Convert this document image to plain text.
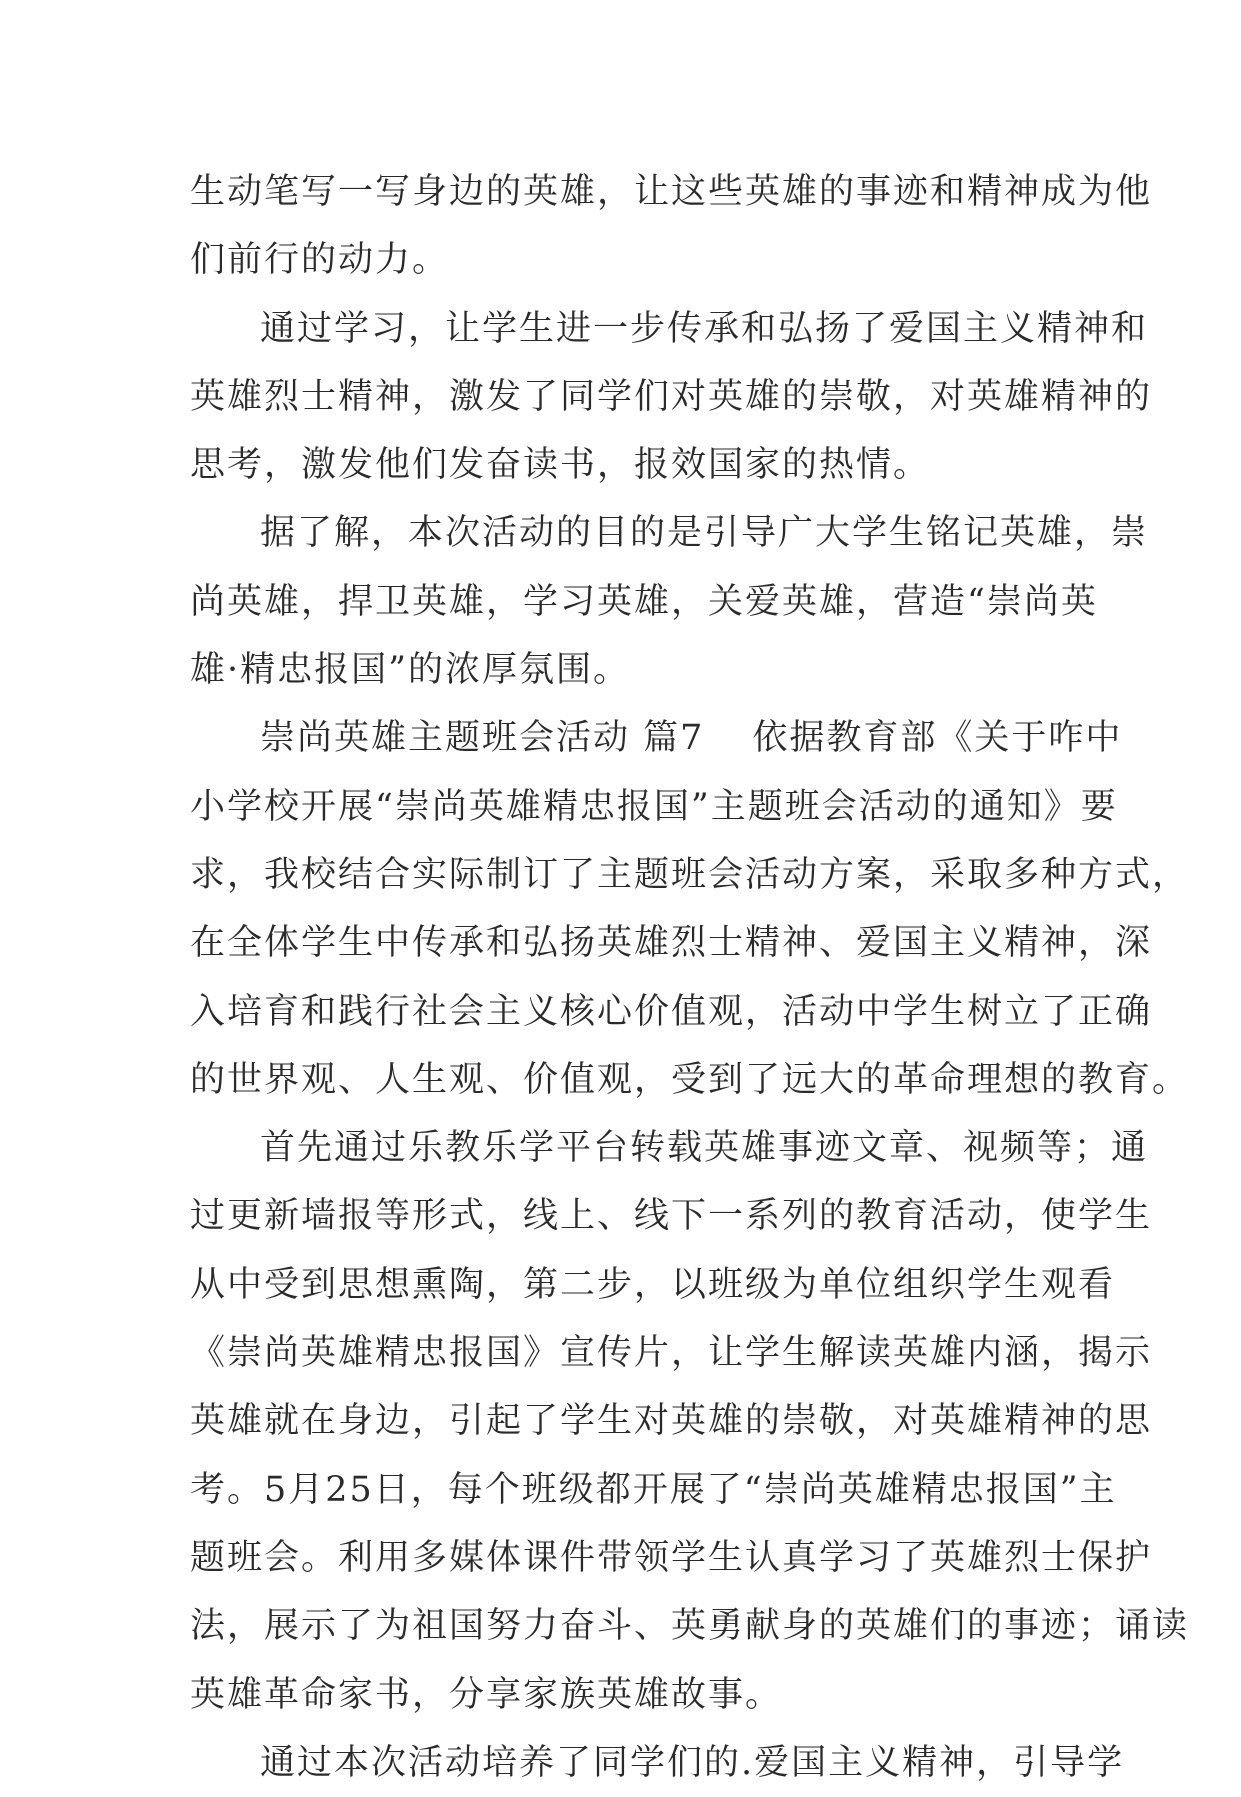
生动笔写一写身边的英雄，让这些英雄的事迹和精神成为他
们前行的动力。
通过学习，让学生进一步传承和弘扬了爱国主义精神和
英雄烈士精神，激发了同学们对英雄的崇敬，对英雄精神的
思考，激发他们发奋读书，报效国家的热情。
据了解，本次活动的目的是引导广大学生铭记英雄，崇
尚英雄，捍卫英雄，学习英雄，关爱英雄，营造“崇尚英
雄·精忠报国”的浓厚氛围。
崇尚英雄主题班会活动 篇7 依据教育部《关于咋中
小学校开展“崇尚英雄精忠报国”主题班会活动的通知》要
求，我校结合实际制订了主题班会活动方案，采取多种方式，
在全体学生中传承和弘扬英雄烈士精神、爱国主义精神，深
入培育和践行社会主义核心价值观，活动中学生树立了正确
的世界观、人生观、价值观，受到了远大的革命理想的教育。
首先通过乐教乐学平台转载英雄事迹文章、视频等；通
过更新墙报等形式，线上、线下一系列的教育活动，使学生
从中受到思想熏陶，第二步，以班级为单位组织学生观看
《崇尚英雄精忠报国》宣传片，让学生解读英雄内涵，揭示
英雄就在身边，引起了学生对英雄的崇敬，对英雄精神的思
考。5月25日，每个班级都开展了“崇尚英雄精忠报国”主
题班会。利用多媒体课件带领学生认真学习了英雄烈士保护
法，展示了为祖国努力奋斗、英勇献身的英雄们的事迹；诵读
英雄革命家书，分享家族英雄故事。
通过本次活动培养了同学们的.爱国主义精神，引导学
